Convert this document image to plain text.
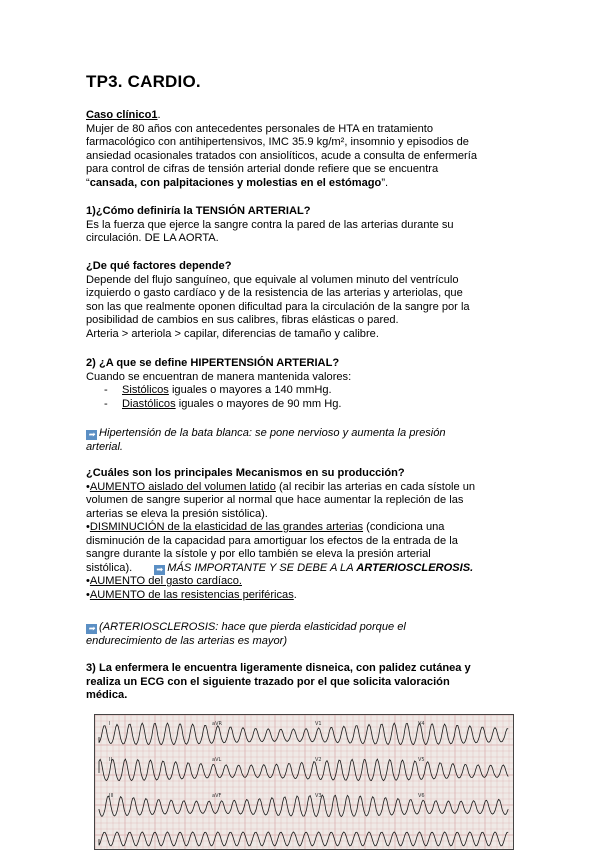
TP3. CARDIO.
Caso clínico1.
Mujer de 80 años con antecedentes personales de HTA en tratamiento
farmacológico con antihipertensivos, IMC 35.9 kg/m², insomnio y episodios de
ansiedad ocasionales tratados con ansiolíticos, acude a consulta de enfermería
para control de cifras de tensión arterial donde refiere que se encuentra
“cansada, con palpitaciones y molestias en el estómago”.
1)¿Cómo definiría la TENSIÓN ARTERIAL?
Es la fuerza que ejerce la sangre contra la pared de las arterias durante su
circulación. DE LA AORTA.
¿De qué factores depende?
Depende del flujo sanguíneo, que equivale al volumen minuto del ventrículo
izquierdo o gasto cardíaco y de la resistencia de las arterias y arteriolas, que
son las que realmente oponen dificultad para la circulación de la sangre por la
posibilidad de cambios en sus calibres, fibras elásticas o pared.
Arteria > arteriola > capilar, diferencias de tamaño y calibre.
2) ¿A que se define HIPERTENSIÓN ARTERIAL?
Cuando se encuentran de manera mantenida valores:
- Sistólicos iguales o mayores a 140 mmHg.
- Diastólicos iguales o mayores de 90 mm Hg.
➡ Hipertensión de la bata blanca: se pone nervioso y aumenta la presión
arterial.
¿Cuáles son los principales Mecanismos en su producción?
•AUMENTO aislado del volumen latido (al recibir las arterias en cada sístole un
volumen de sangre superior al normal que hace aumentar la repleción de las
arterias se eleva la presión sistólica).
•DISMINUCIÓN de la elasticidad de las grandes arterias (condiciona una
disminución de la capacidad para amortiguar los efectos de la entrada de la
sangre durante la sístole y por ello también se eleva la presión arterial
sistólica).	➡ MÁS IMPORTANTE Y SE DEBE A LA ARTERIOSCLEROSIS.
•AUMENTO del gasto cardíaco.
•AUMENTO de las resistencias periféricas.
➡ (ARTERIOSCLEROSIS: hace que pierda elasticidad porque el
endurecimiento de las arterias es mayor)
3) La enfermera le encuentra ligeramente disneica, con palidez cutánea y
realiza un ECG con el siguiente trazado por el que solicita valoración
médica.
I	aVR	V1	V4
II	aVL	V2	V5
III	aVF	V3	V6
